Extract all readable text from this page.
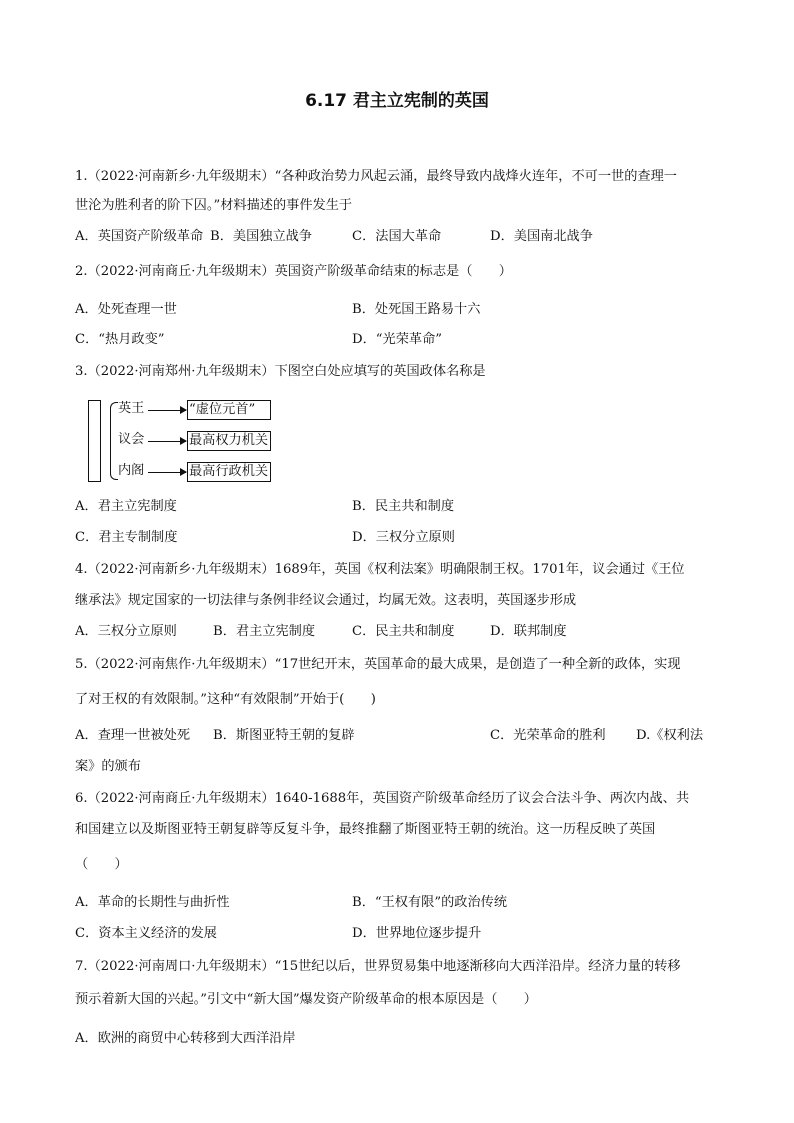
6.17 君主立宪制的英国
1.（2022·河南新乡·九年级期末）“各种政治势力风起云涌，最终导致内战烽火连年，不可一世的查理一
世沦为胜利者的阶下囚。”材料描述的事件发生于
A．英国资产阶级革命 B．美国独立战争	C．法国大革命	D．美国南北战争
2.（2022·河南商丘·九年级期末）英国资产阶级革命结束的标志是（　　）
A．处死查理一世	B．处死国王路易十六
C．“热月政变”	D．“光荣革命”
3.（2022·河南郑州·九年级期末）下图空白处应填写的英国政体名称是
英王	“虚位元首”
议会	最高权力机关
内阁	最高行政机关
A．君主立宪制度	B．民主共和制度
C．君主专制制度	D．三权分立原则
4.（2022·河南新乡·九年级期末）1689年，英国《权利法案》明确限制王权。1701年，议会通过《王位
继承法》规定国家的一切法律与条例非经议会通过，均属无效。这表明，英国逐步形成
A．三权分立原则	B．君主立宪制度	C．民主共和制度	D．联邦制度
5.（2022·河南焦作·九年级期末）“17世纪开末，英国革命的最大成果，是创造了一种全新的政体，实现
了对王权的有效限制。”这种“有效限制”开始于(　　)
A．查理一世被处死 B．斯图亚特王朝的复辟	C．光荣革命的胜利 D.《权利法
案》的颁布
6.（2022·河南商丘·九年级期末）1640-1688年，英国资产阶级革命经历了议会合法斗争、两次内战、共
和国建立以及斯图亚特王朝复辟等反复斗争，最终推翻了斯图亚特王朝的统治。这一历程反映了英国
（　　）
A．革命的长期性与曲折性	B．“王权有限”的政治传统
C．资本主义经济的发展	D．世界地位逐步提升
7.（2022·河南周口·九年级期末）“15世纪以后，世界贸易集中地逐渐移向大西洋沿岸。经济力量的转移
预示着新大国的兴起。”引文中“新大国”爆发资产阶级革命的根本原因是（　　）
A．欧洲的商贸中心转移到大西洋沿岸
